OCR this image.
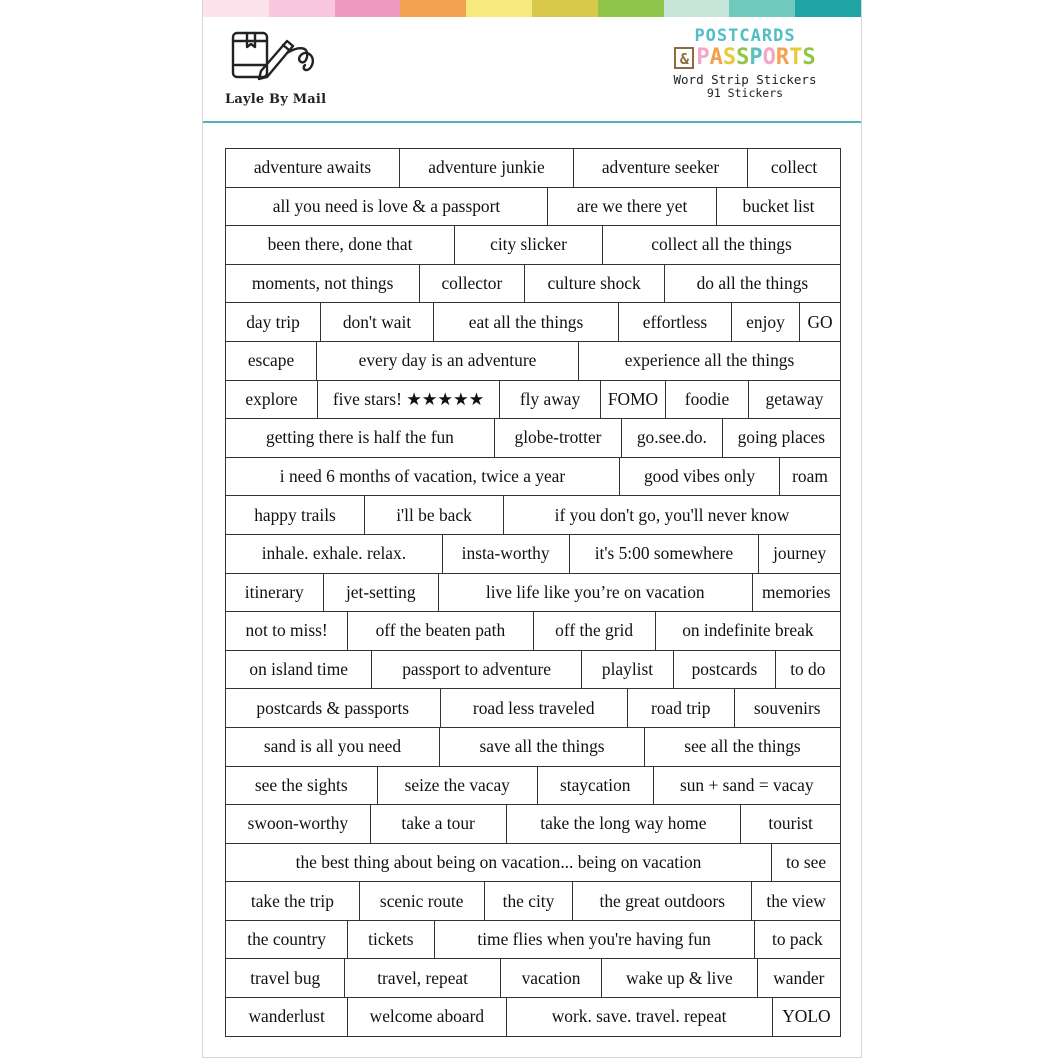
Layle By Mail
POSTCARDS
& PASSPORTS
Word Strip Stickers
91 Stickers
adventure awaits	adventure junkie	adventure seeker	collect
all you need is love & a passport	are we there yet	bucket list
been there, done that	city slicker	collect all the things
moments, not things	collector	culture shock	do all the things
day trip	don't wait	eat all the things	effortless	enjoy	GO
escape	every day is an adventure	experience all the things
explore	five stars! ★★★★★	fly away	FOMO	foodie	getaway
getting there is half the fun	globe-trotter	go.see.do.	going places
i need 6 months of vacation, twice a year	good vibes only	roam
happy trails	i'll be back	if you don't go, you'll never know
inhale. exhale. relax.	insta-worthy	it's 5:00 somewhere	journey
itinerary	jet-setting	live life like you’re on vacation	memories
not to miss!	off the beaten path	off the grid	on indefinite break
on island time	passport to adventure	playlist	postcards	to do
postcards & passports	road less traveled	road trip	souvenirs
sand is all you need	save all the things	see all the things
see the sights	seize the vacay	staycation	sun + sand = vacay
swoon-worthy	take a tour	take the long way home	tourist
the best thing about being on vacation... being on vacation	to see
take the trip	scenic route	the city	the great outdoors	the view
the country	tickets	time flies when you're having fun	to pack
travel bug	travel, repeat	vacation	wake up & live	wander
wanderlust	welcome aboard	work. save. travel. repeat	YOLO
